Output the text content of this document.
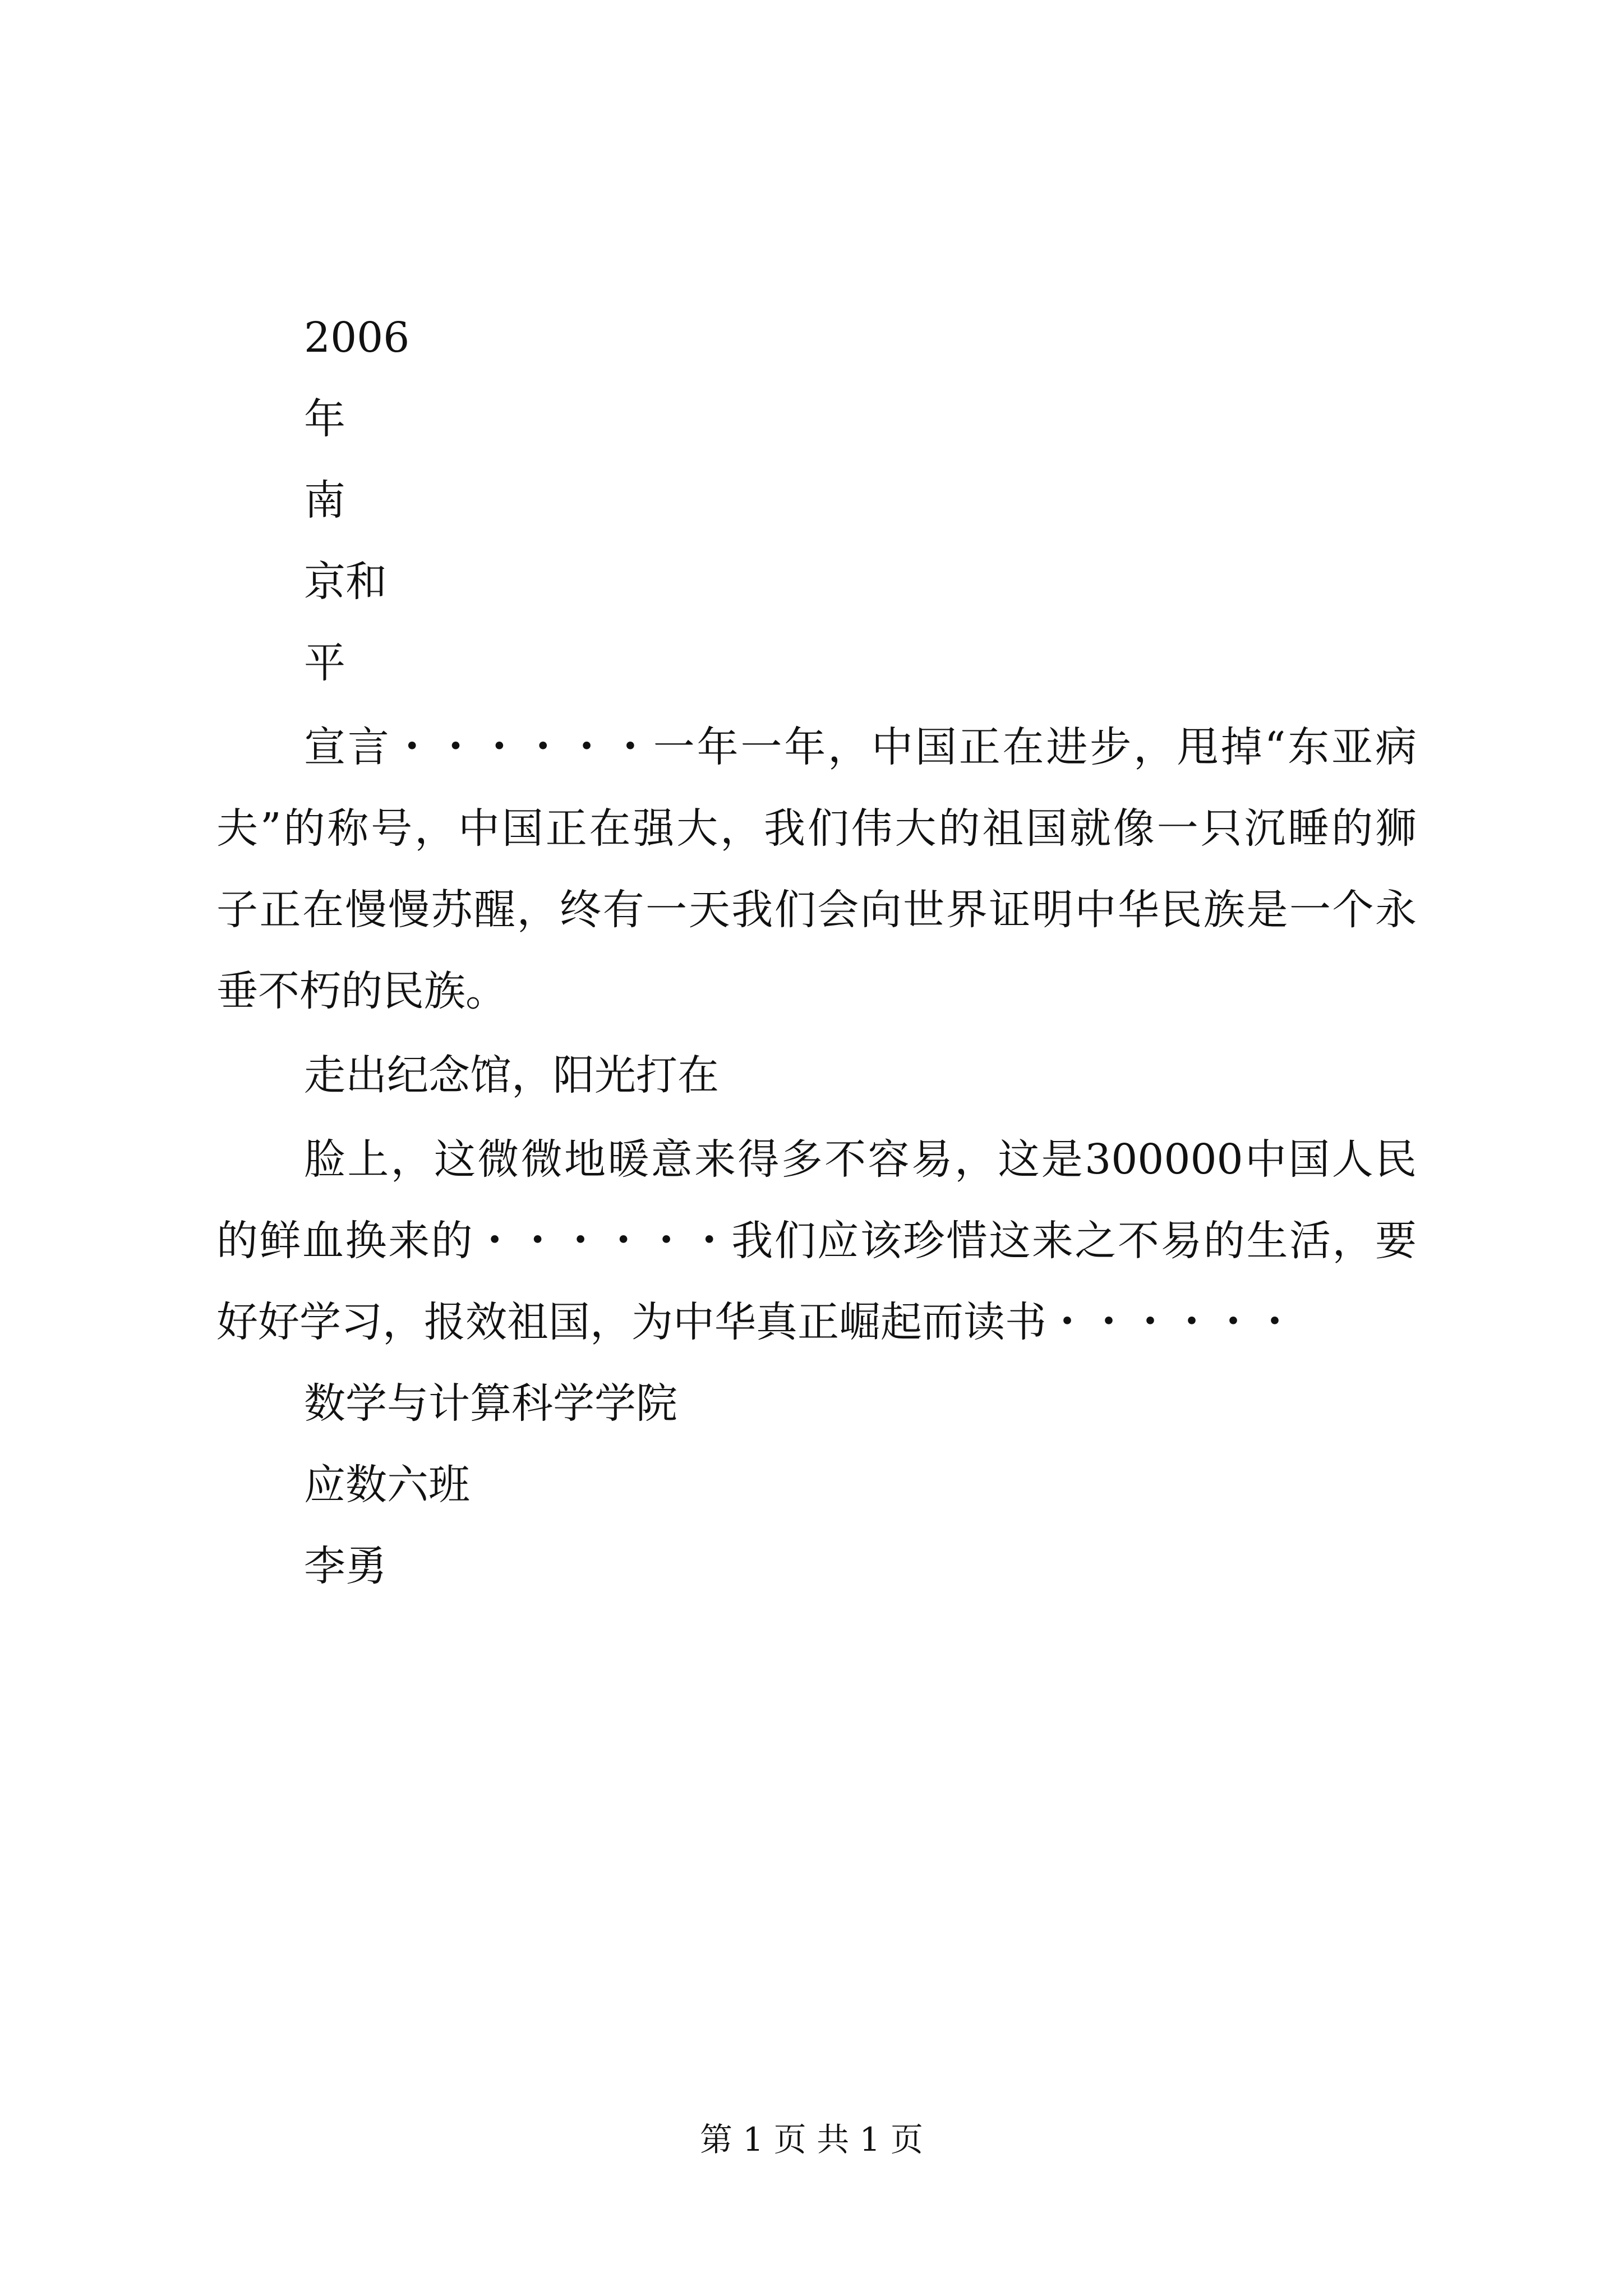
2006
年
南
京和
平
宣言・・・・・・一年一年，中国正在进步，甩掉“东亚病
夫”的称号，中国正在强大，我们伟大的祖国就像一只沉睡的狮
子正在慢慢苏醒，终有一天我们会向世界证明中华民族是一个永
垂不朽的民族。
走出纪念馆，阳光打在
脸上，这微微地暖意来得多不容易，这是300000中国人民
的鲜血换来的・・・・・・我们应该珍惜这来之不易的生活，要
好好学习，报效祖国，为中华真正崛起而读书・・・・・・
数学与计算科学学院
应数六班
李勇
第 1 页 共 1 页
